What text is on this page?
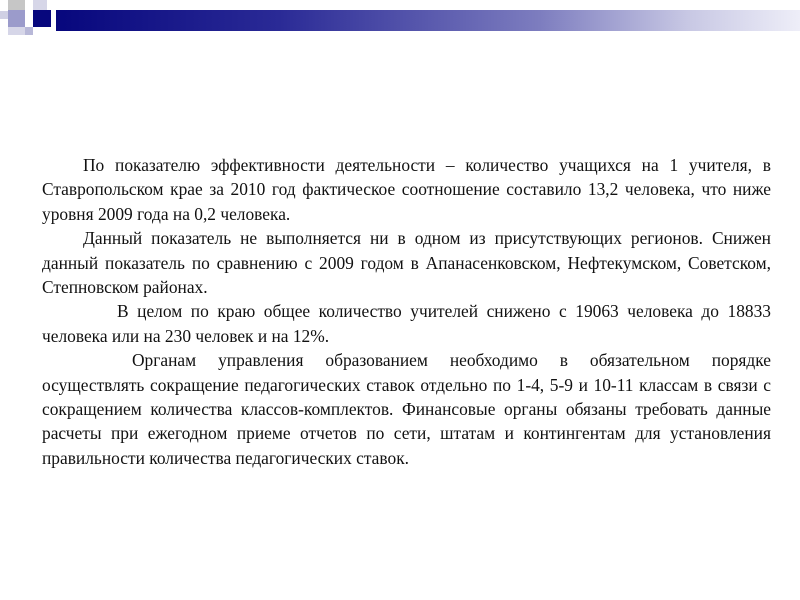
По показателю эффективности деятельности – количество учащихся на 1 учителя, в Ставропольском крае за 2010 год фактическое соотношение составило 13,2 человека, что ниже уровня 2009 года на 0,2 человека.

Данный показатель не выполняется ни в одном из присутствующих регионов. Снижен данный показатель по сравнению с 2009 годом в Апанасенковском, Нефтекумском, Советском, Степновском районах.

В целом по краю общее количество учителей снижено с 19063 человека до 18833 человека или на 230 человек и на 12%.

Органам управления образованием необходимо в обязательном порядке осуществлять сокращение педагогических ставок отдельно по 1-4, 5-9 и 10-11 классам в связи с сокращением количества классов-комплектов. Финансовые органы обязаны требовать данные расчеты при ежегодном приеме отчетов по сети, штатам и контингентам для установления правильности количества педагогических ставок.
